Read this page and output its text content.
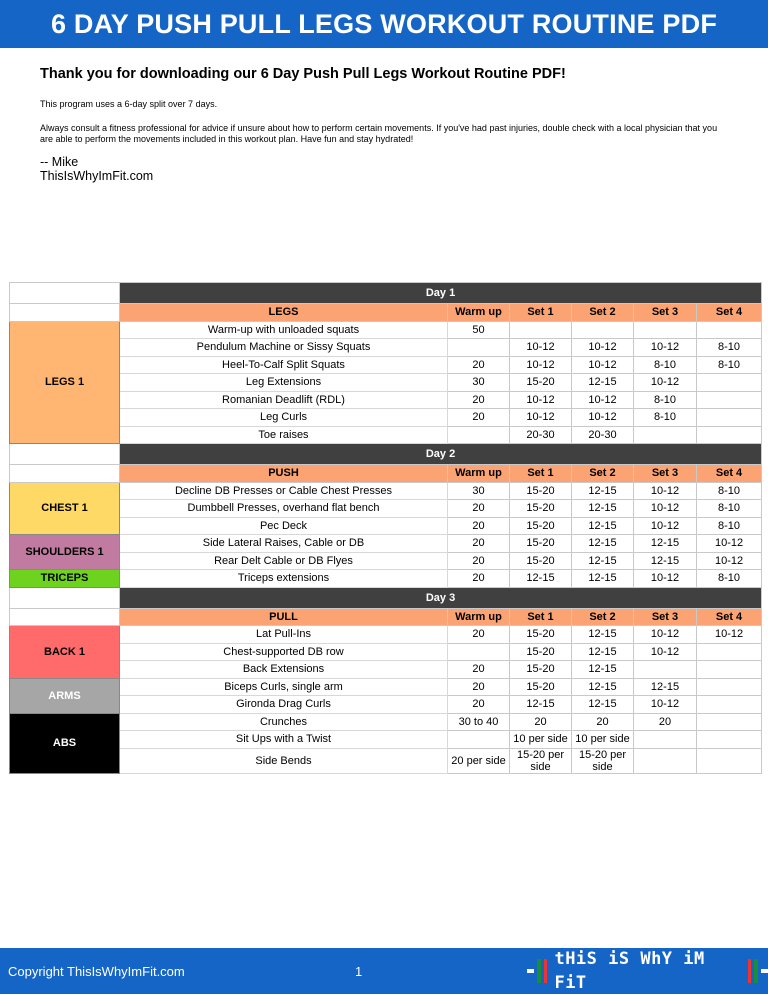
6 DAY PUSH PULL LEGS WORKOUT ROUTINE PDF
Thank you for downloading our 6 Day Push Pull Legs Workout Routine PDF!

This program uses a 6-day split over 7 days.

Always consult a fitness professional for advice if unsure about how to perform certain movements. If you've had past injuries, double check with a local physician that you are able to perform the movements included in this workout plan. Have fun and stay hydrated!

-- Mike
ThisIsWhyImFit.com
	Day 1					
	LEGS	Warm up	Set 1	Set 2	Set 3	Set 4
LEGS 1	Warm-up with unloaded squats	50				
	Pendulum Machine or Sissy Squats		10-12	10-12	10-12	8-10
	Heel-To-Calf Split Squats	20	10-12	10-12	8-10	8-10
	Leg Extensions	30	15-20	12-15	10-12	
	Romanian Deadlift (RDL)	20	10-12	10-12	8-10	
	Leg Curls	20	10-12	10-12	8-10	
	Toe raises		20-30	20-30		
	Day 2					
	PUSH	Warm up	Set 1	Set 2	Set 3	Set 4
CHEST 1	Decline DB Presses or Cable Chest Presses	30	15-20	12-15	10-12	8-10
	Dumbbell Presses, overhand flat bench	20	15-20	12-15	10-12	8-10
	Pec Deck	20	15-20	12-15	10-12	8-10
SHOULDERS 1	Side Lateral Raises, Cable or DB	20	15-20	12-15	12-15	10-12
	Rear Delt Cable or DB Flyes	20	15-20	12-15	12-15	10-12
TRICEPS	Triceps extensions	20	12-15	12-15	10-12	8-10
	Day 3					
	PULL	Warm up	Set 1	Set 2	Set 3	Set 4
BACK 1	Lat Pull-Ins	20	15-20	12-15	10-12	10-12
	Chest-supported DB row		15-20	12-15	10-12	
	Back Extensions	20	15-20	12-15		
ARMS	Biceps Curls, single arm	20	15-20	12-15	12-15	
	Gironda Drag Curls	20	12-15	12-15	10-12	
ABS	Crunches	30 to 40	20	20	20	
	Sit Ups with a Twist		10 per side	10 per side		
	Side Bends	20 per side	15-20 per side	15-20 per side		
Copyright ThisIsWhyImFit.com	1
tHiS iS WhY iM FiT
